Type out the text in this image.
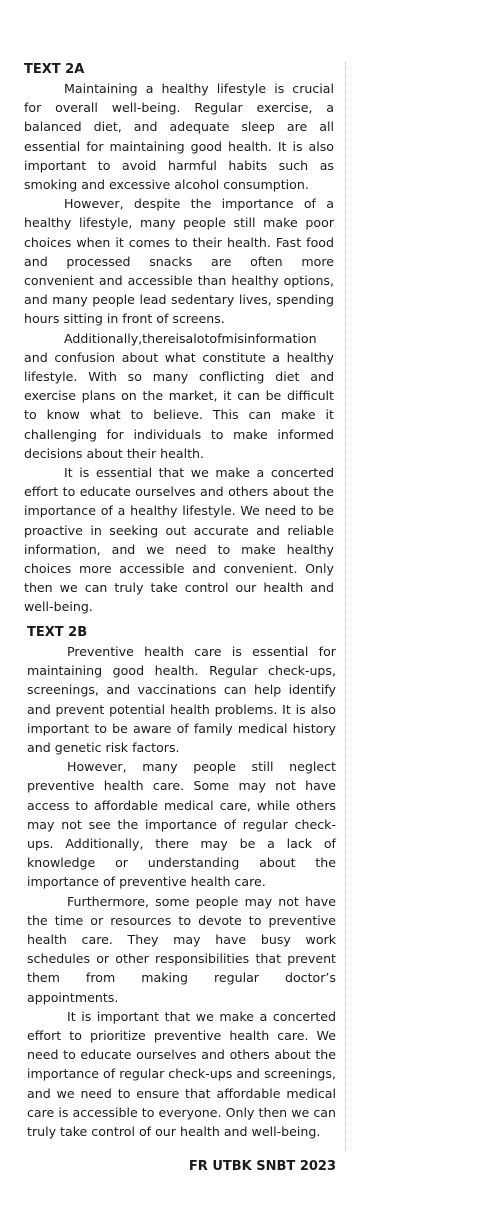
TEXT 2A

Maintaining a healthy lifestyle is crucial for overall well-being. Regular exercise, a balanced diet, and adequate sleep are all essential for maintaining good health. It is also important to avoid harmful habits such as smoking and excessive alcohol consumption.

However, despite the importance of a healthy lifestyle, many people still make poor choices when it comes to their health. Fast food and processed snacks are often more convenient and accessible than healthy options, and many people lead sedentary lives, spending hours sitting in front of screens.

Additionally,thereisalotofmisinformation and confusion about what constitute a healthy lifestyle. With so many conflicting diet and exercise plans on the market, it can be difficult to know what to believe. This can make it challenging for individuals to make informed decisions about their health.

It is essential that we make a concerted effort to educate ourselves and others about the importance of a healthy lifestyle. We need to be proactive in seeking out accurate and reliable information, and we need to make healthy choices more accessible and convenient. Only then we can truly take control our health and well-being.

TEXT 2B

Preventive health care is essential for maintaining good health. Regular check-ups, screenings, and vaccinations can help identify and prevent potential health problems. It is also important to be aware of family medical history and genetic risk factors.

However, many people still neglect preventive health care. Some may not have access to affordable medical care, while others may not see the importance of regular check-ups. Additionally, there may be a lack of knowledge or understanding about the importance of preventive health care.

Furthermore, some people may not have the time or resources to devote to preventive health care. They may have busy work schedules or other responsibilities that prevent them from making regular doctor’s appointments.

It is important that we make a concerted effort to prioritize preventive health care. We need to educate ourselves and others about the importance of regular check-ups and screenings, and we need to ensure that affordable medical care is accessible to everyone. Only then we can truly take control of our health and well-being.

FR UTBK SNBT 2023
